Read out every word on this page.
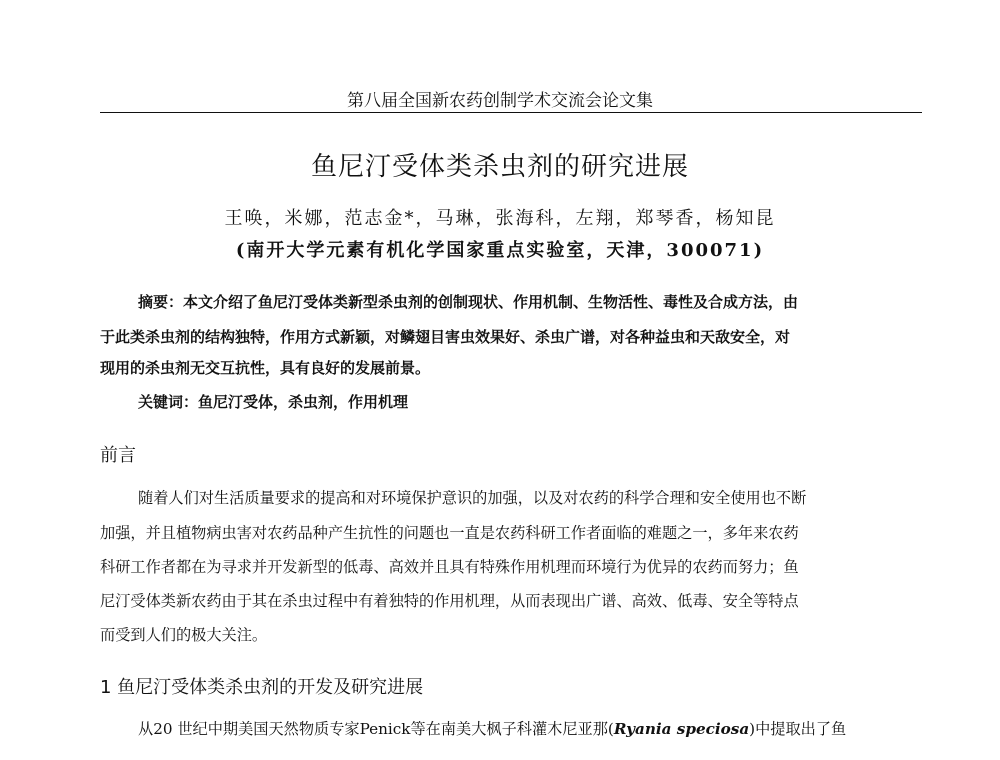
第八届全国新农药创制学术交流会论文集
鱼尼汀受体类杀虫剂的研究进展
王唤，米娜，范志金*，马琳，张海科，左翔，郑琴香，杨知昆
(南开大学元素有机化学国家重点实验室，天津，300071)
摘要：本文介绍了鱼尼汀受体类新型杀虫剂的创制现状、作用机制、生物活性、毒性及合成方法，由
于此类杀虫剂的结构独特，作用方式新颖，对鳞翅目害虫效果好、杀虫广谱，对各种益虫和天敌安全，对
现用的杀虫剂无交互抗性，具有良好的发展前景。
关键词：鱼尼汀受体，杀虫剂，作用机理
前言
随着人们对生活质量要求的提高和对环境保护意识的加强，以及对农药的科学合理和安全使用也不断
加强，并且植物病虫害对农药品种产生抗性的问题也一直是农药科研工作者面临的难题之一，多年来农药
科研工作者都在为寻求并开发新型的低毒、高效并且具有特殊作用机理而环境行为优异的农药而努力；鱼
尼汀受体类新农药由于其在杀虫过程中有着独特的作用机理，从而表现出广谱、高效、低毒、安全等特点
而受到人们的极大关注。
1 鱼尼汀受体类杀虫剂的开发及研究进展
从20 世纪中期美国天然物质专家Penick等在南美大枫子科灌木尼亚那(Ryania speciosa)中提取出了鱼
